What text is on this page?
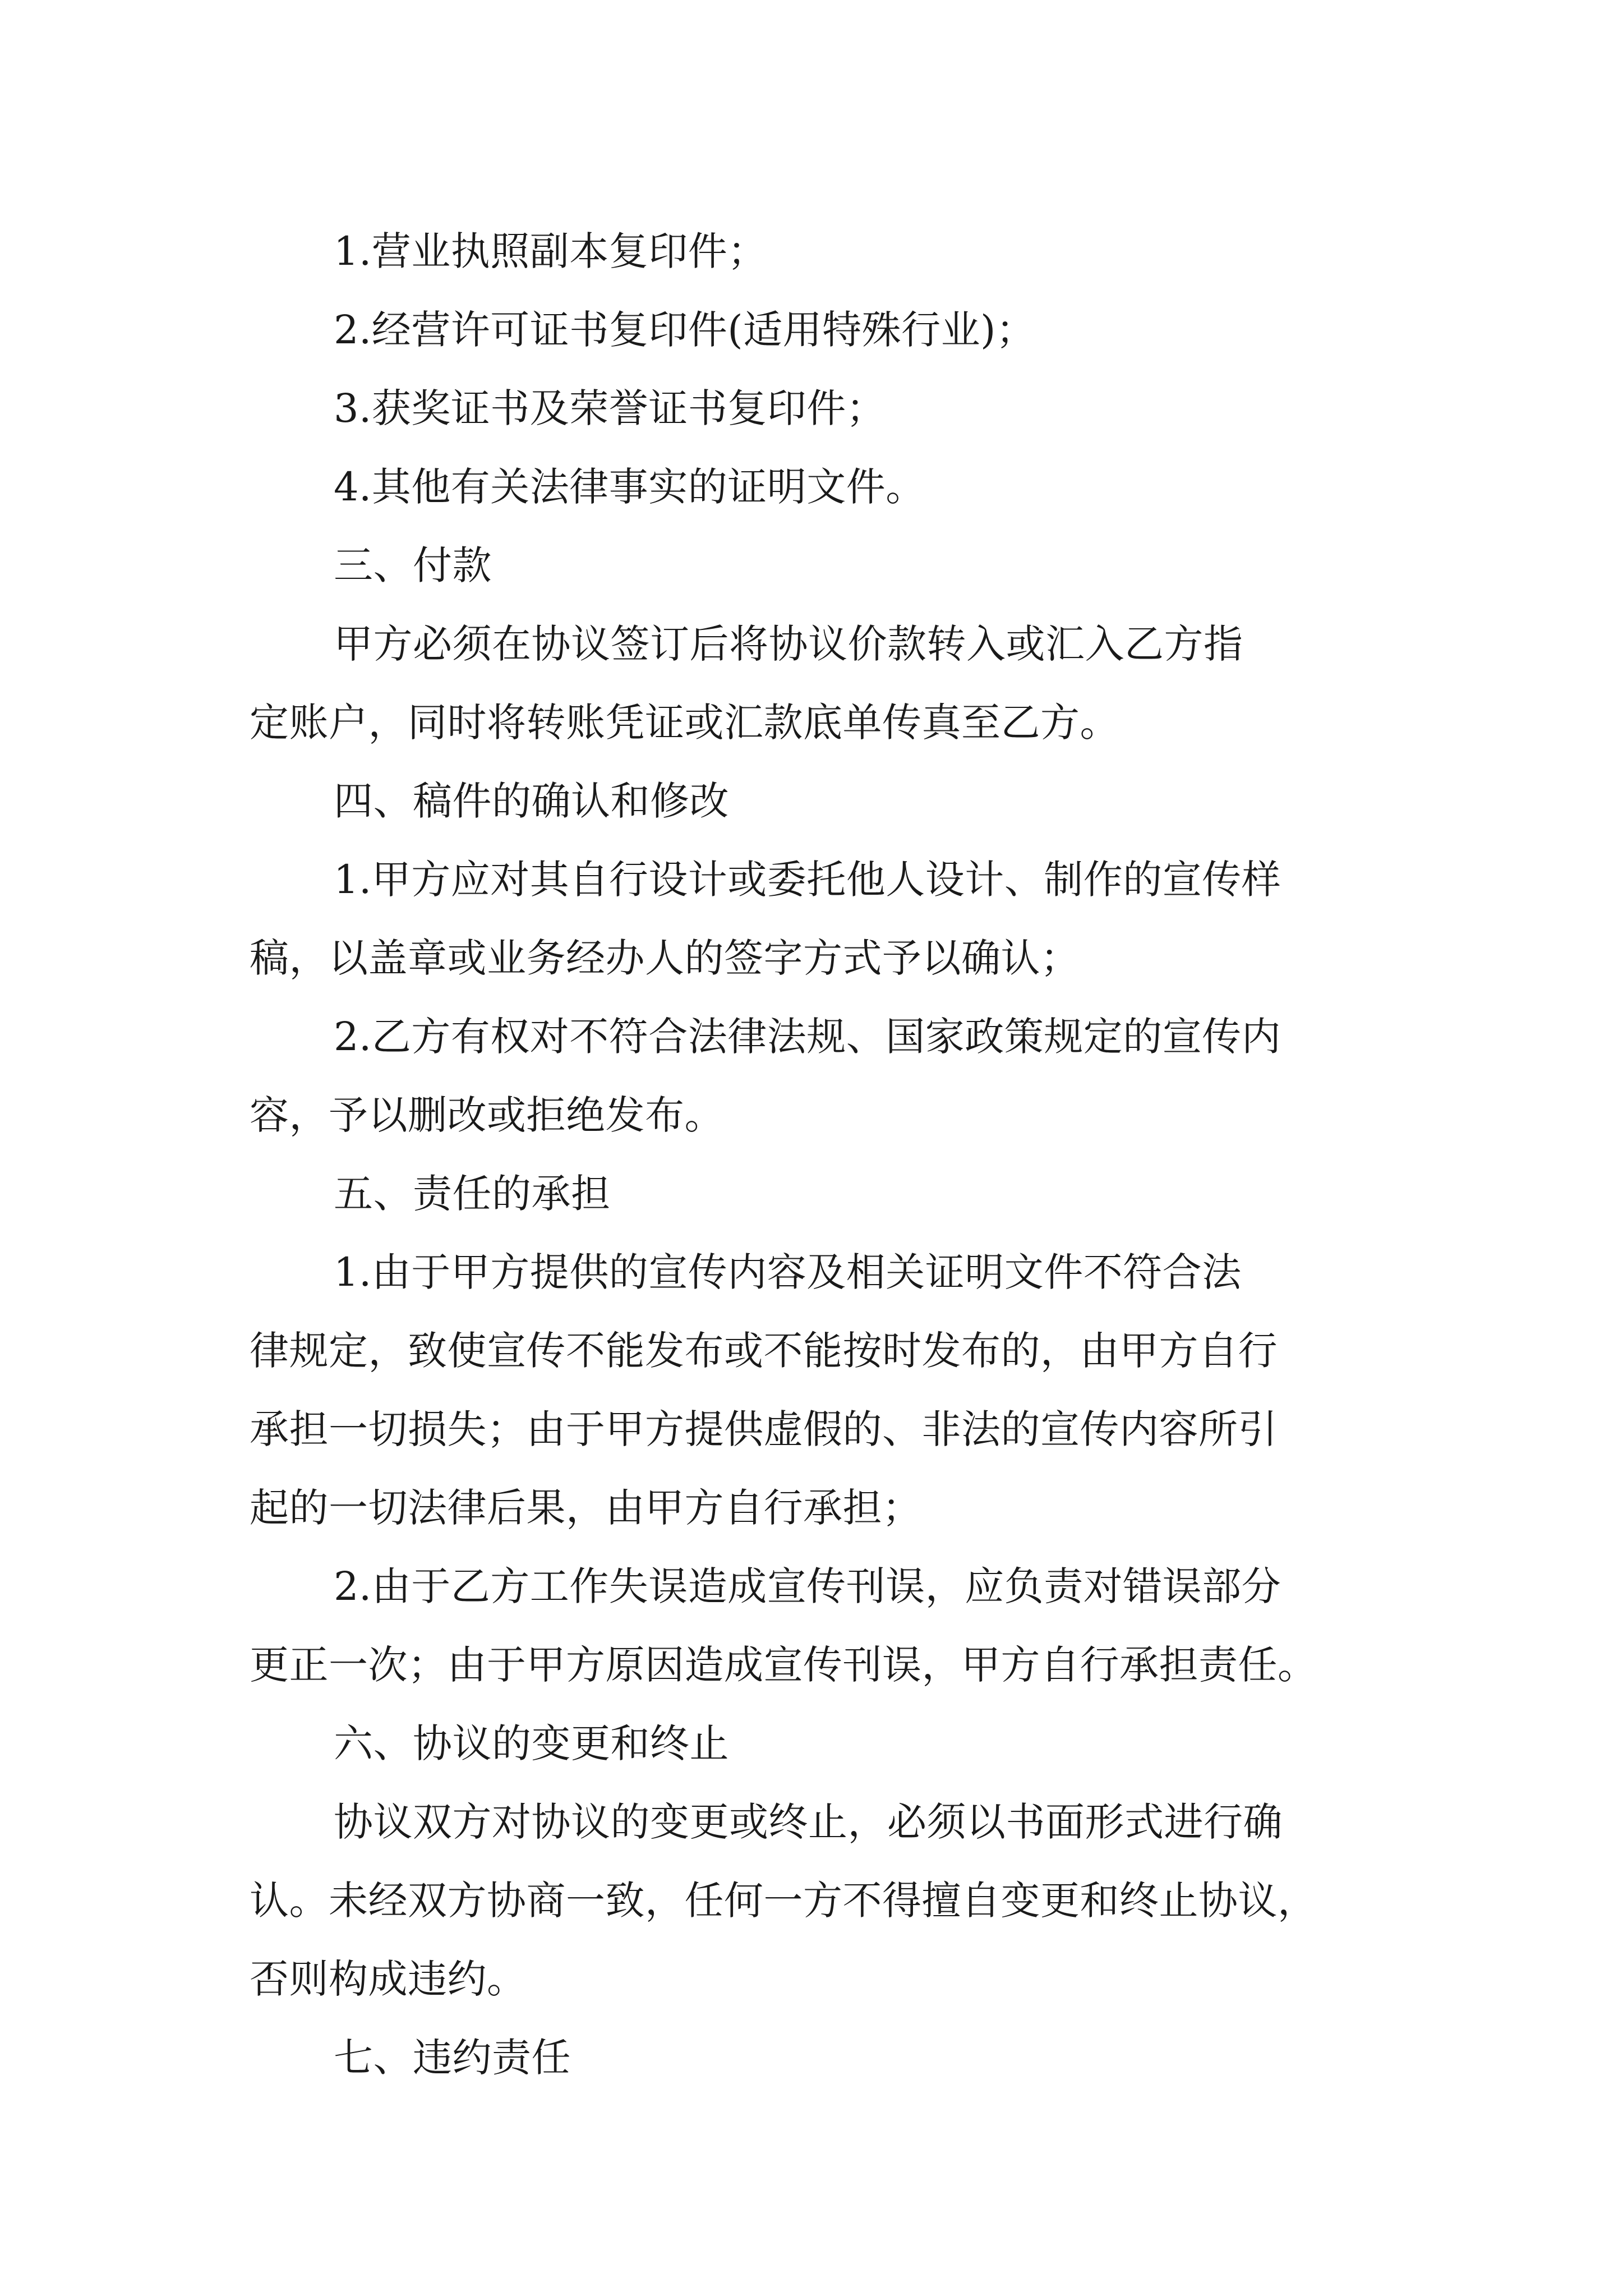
1.营业执照副本复印件；
2.经营许可证书复印件(适用特殊行业)；
3.获奖证书及荣誉证书复印件；
4.其他有关法律事实的证明文件。
三、付款
甲方必须在协议签订后将协议价款转入或汇入乙方指
定账户，同时将转账凭证或汇款底单传真至乙方。
四、稿件的确认和修改
1.甲方应对其自行设计或委托他人设计、制作的宣传样
稿，以盖章或业务经办人的签字方式予以确认；
2.乙方有权对不符合法律法规、国家政策规定的宣传内
容，予以删改或拒绝发布。
五、责任的承担
1.由于甲方提供的宣传内容及相关证明文件不符合法
律规定，致使宣传不能发布或不能按时发布的，由甲方自行
承担一切损失；由于甲方提供虚假的、非法的宣传内容所引
起的一切法律后果，由甲方自行承担；
2.由于乙方工作失误造成宣传刊误，应负责对错误部分
更正一次；由于甲方原因造成宣传刊误，甲方自行承担责任。
六、协议的变更和终止
协议双方对协议的变更或终止，必须以书面形式进行确
认。未经双方协商一致，任何一方不得擅自变更和终止协议，
否则构成违约。
七、违约责任
